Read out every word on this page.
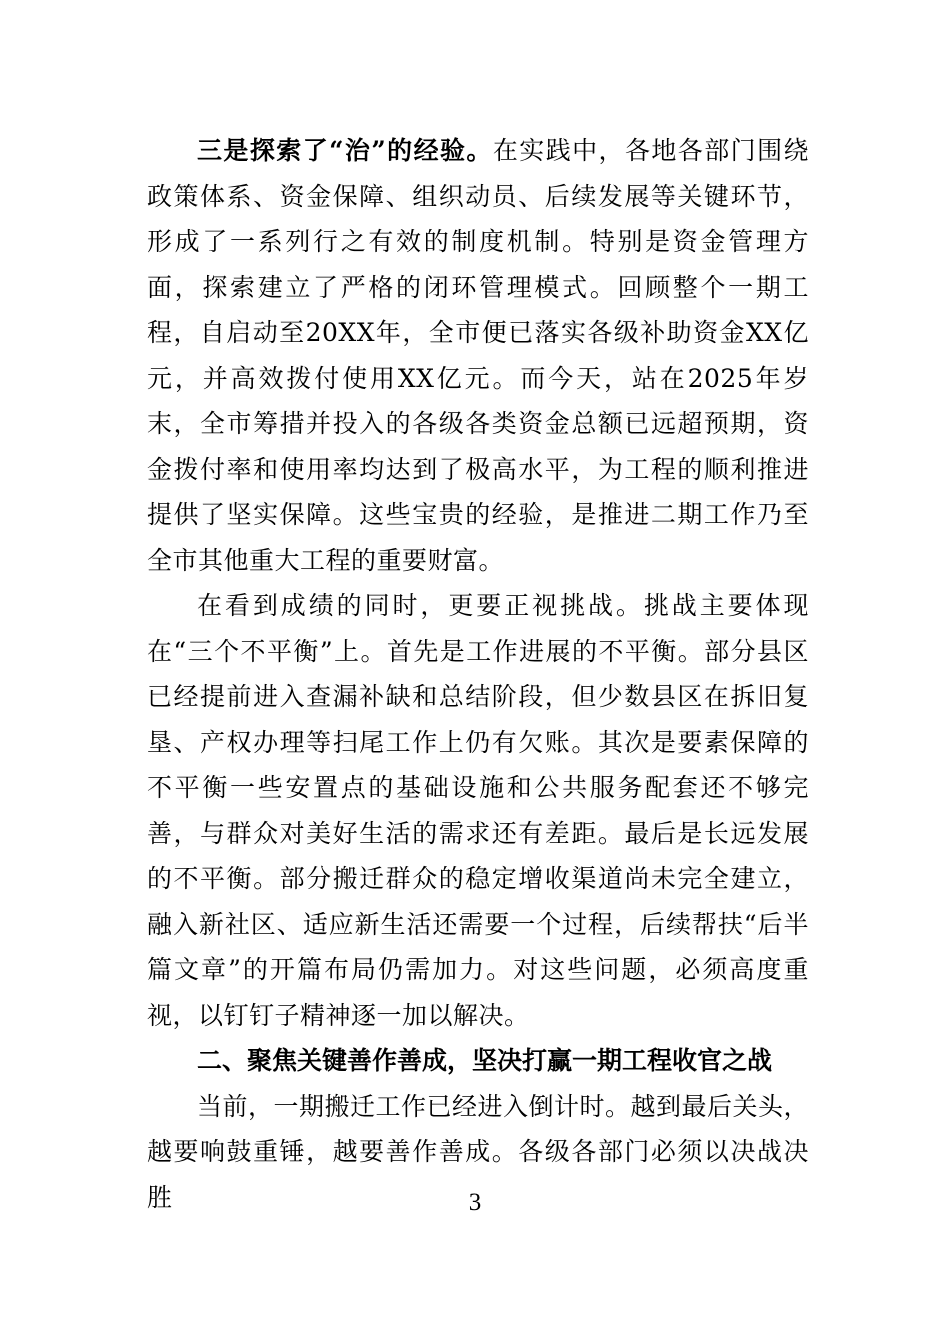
三是探索了“治”的经验。在实践中，各地各部门围绕政策体系、资金保障、组织动员、后续发展等关键环节，形成了一系列行之有效的制度机制。特别是资金管理方面，探索建立了严格的闭环管理模式。回顾整个一期工程，自启动至20XX年，全市便已落实各级补助资金XX亿元，并高效拨付使用XX亿元。而今天，站在2025年岁末，全市筹措并投入的各级各类资金总额已远超预期，资金拨付率和使用率均达到了极高水平，为工程的顺利推进提供了坚实保障。这些宝贵的经验，是推进二期工作乃至全市其他重大工程的重要财富。

在看到成绩的同时，更要正视挑战。挑战主要体现在“三个不平衡”上。首先是工作进展的不平衡。部分县区已经提前进入查漏补缺和总结阶段，但少数县区在拆旧复垦、产权办理等扫尾工作上仍有欠账。其次是要素保障的不平衡一些安置点的基础设施和公共服务配套还不够完善，与群众对美好生活的需求还有差距。最后是长远发展的不平衡。部分搬迁群众的稳定增收渠道尚未完全建立，融入新社区、适应新生活还需要一个过程，后续帮扶“后半篇文章”的开篇布局仍需加力。对这些问题，必须高度重视，以钉钉子精神逐一加以解决。

二、聚焦关键善作善成，坚决打赢一期工程收官之战

当前，一期搬迁工作已经进入倒计时。越到最后关头，越要响鼓重锤，越要善作善成。各级各部门必须以决战决胜	3
